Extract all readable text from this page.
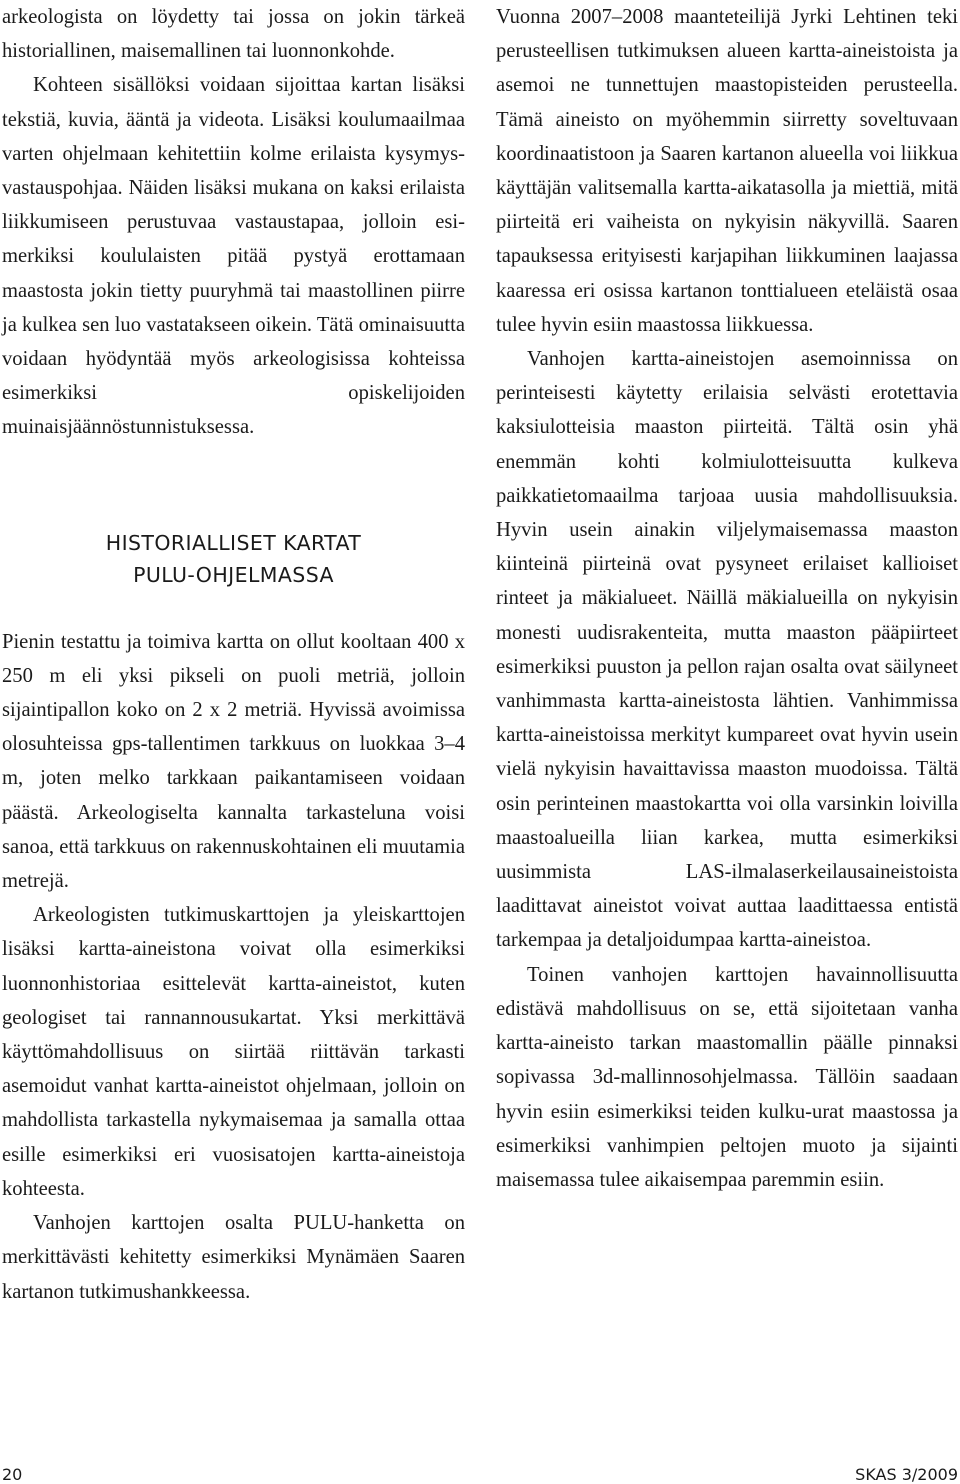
arkeologista on löydetty tai jossa on jokin tärkeä historiallinen, maisemallinen tai luonnonkohde.

Kohteen sisällöksi voidaan sijoittaa kartan lisäksi tekstiä, kuvia, ääntä ja videota. Lisäksi koulumaailmaa varten ohjelmaan kehitettiin kolme erilaista kysymys-vastauspohjaa. Näiden lisäksi mukana on kaksi erilaista liikkumiseen perustuvaa vastaustapaa, jolloin esimerkiksi koululaisten pitää pystyä erottamaan maastosta jokin tietty puuryhmä tai maastollinen piirre ja kulkea sen luo vastatakseen oikein. Tätä ominaisuutta voidaan hyödyntää myös arkeologisissa kohteissa esimerkiksi opiskelijoiden muinaisjäännöstunnistuksessa.

HISTORIALLISET KARTAT
PULU-OHJELMASSA

Pienin testattu ja toimiva kartta on ollut kooltaan 400 x 250 m eli yksi pikseli on puoli metriä, jolloin sijaintipallon koko on 2 x 2 metriä. Hyvissä avoimissa olosuhteissa gps-tallentimen tarkkuus on luokkaa 3–4 m, joten melko tarkkaan paikantamiseen voidaan päästä. Arkeologiselta kannalta tarkasteluna voisi sanoa, että tarkkuus on rakennuskohtainen eli muutamia metrejä.

Arkeologisten tutkimuskarttojen ja yleiskarttojen lisäksi kartta-aineistona voivat olla esimerkiksi luonnonhistoriaa esittelevät kartta-aineistot, kuten geologiset tai rannannousukartat. Yksi merkittävä käyttömahdollisuus on siirtää riittävän tarkasti asemoidut vanhat kartta-aineistot ohjelmaan, jolloin on mahdollista tarkastella nykymaisemaa ja samalla ottaa esille esimerkiksi eri vuosisatojen kartta-aineistoja kohteesta.

Vanhojen karttojen osalta PULU-hanketta on merkittävästi kehitetty esimerkiksi Mynämäen Saaren kartanon tutkimushankkeessa.

Vuonna 2007–2008 maanteteilijä Jyrki Lehtinen teki perusteellisen tutkimuksen alueen kartta-aineistoista ja asemoi ne tunnettujen maastopisteiden perusteella. Tämä aineisto on myöhemmin siirretty soveltuvaan koordinaatistoon ja Saaren kartanon alueella voi liikkua käyttäjän valitsemalla kartta-aikatasolla ja miettiä, mitä piirteitä eri vaiheista on nykyisin näkyvillä. Saaren tapauksessa erityisesti karjapihan liikkuminen laajassa kaaressa eri osissa kartanon tonttialueen eteläistä osaa tulee hyvin esiin maastossa liikkuessa.

Vanhojen kartta-aineistojen asemoinnissa on perinteisesti käytetty erilaisia selvästi erotettavia kaksiulotteisia maaston piirteitä. Tältä osin yhä enemmän kohti kolmiulotteisuutta kulkeva paikkatietomaailma tarjoaa uusia mahdollisuuksia. Hyvin usein ainakin viljelymaisemassa maaston kiinteinä piirteinä ovat pysyneet erilaiset kallioiset rinteet ja mäkialueet. Näillä mäkialueilla on nykyisin monesti uudisrakenteita, mutta maaston pääpiirteet esimerkiksi puuston ja pellon rajan osalta ovat säilyneet vanhimmasta kartta-aineistosta lähtien. Vanhimmissa kartta-aineistoissa merkityt kumpareet ovat hyvin usein vielä nykyisin havaittavissa maaston muodoissa. Tältä osin perinteinen maastokartta voi olla varsinkin loivilla maastoalueilla liian karkea, mutta esimerkiksi uusimmista LAS-ilmalaserkeilausaineistoista laadittavat aineistot voivat auttaa laadittaessa entistä tarkempaa ja detaljoidumpaa kartta-aineistoa.

Toinen vanhojen karttojen havainnollisuutta edistävä mahdollisuus on se, että sijoitetaan vanha kartta-aineisto tarkan maastomallin päälle pinnaksi sopivassa 3d-mallinnosohjelmassa. Tällöin saadaan hyvin esiin esimerkiksi teiden kulku-urat maastossa ja esimerkiksi vanhimpien peltojen muoto ja sijainti maisemassa tulee aikaisempaa paremmin esiin.

20	SKAS 3/2009
